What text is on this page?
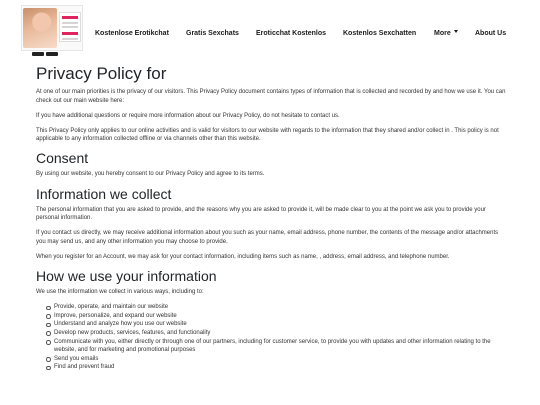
Kostenlose Erotikchat Gratis Sexchats Eroticchat Kostenlos Kostenlos Sexchatten	More	About Us
Privacy Policy for

At one of our main priorities is the privacy of our visitors. This Privacy Policy document contains types of information that is collected and recorded by and how we use it. You can check out our main website here:

If you have additional questions or require more information about our Privacy Policy, do not hesitate to contact us.

This Privacy Policy only applies to our online activities and is valid for visitors to our website with regards to the information that they shared and/or collect in . This policy is not applicable to any information collected offline or via channels other than this website.

Consent

By using our website, you hereby consent to our Privacy Policy and agree to its terms.

Information we collect

The personal information that you are asked to provide, and the reasons why you are asked to provide it, will be made clear to you at the point we ask you to provide your personal information.

If you contact us directly, we may receive additional information about you such as your name, email address, phone number, the contents of the message and/or attachments you may send us, and any other information you may choose to provide.

When you register for an Account, we may ask for your contact information, including items such as name, , address, email address, and telephone number.

How we use your information

We use the information we collect in various ways, including to:

Provide, operate, and maintain our website
Improve, personalize, and expand our website
Understand and analyze how you use our website
Develop new products, services, features, and functionality
Communicate with you, either directly or through one of our partners, including for customer service, to provide you with updates and other information relating to the website, and for marketing and promotional purposes
Send you emails
Find and prevent fraud
